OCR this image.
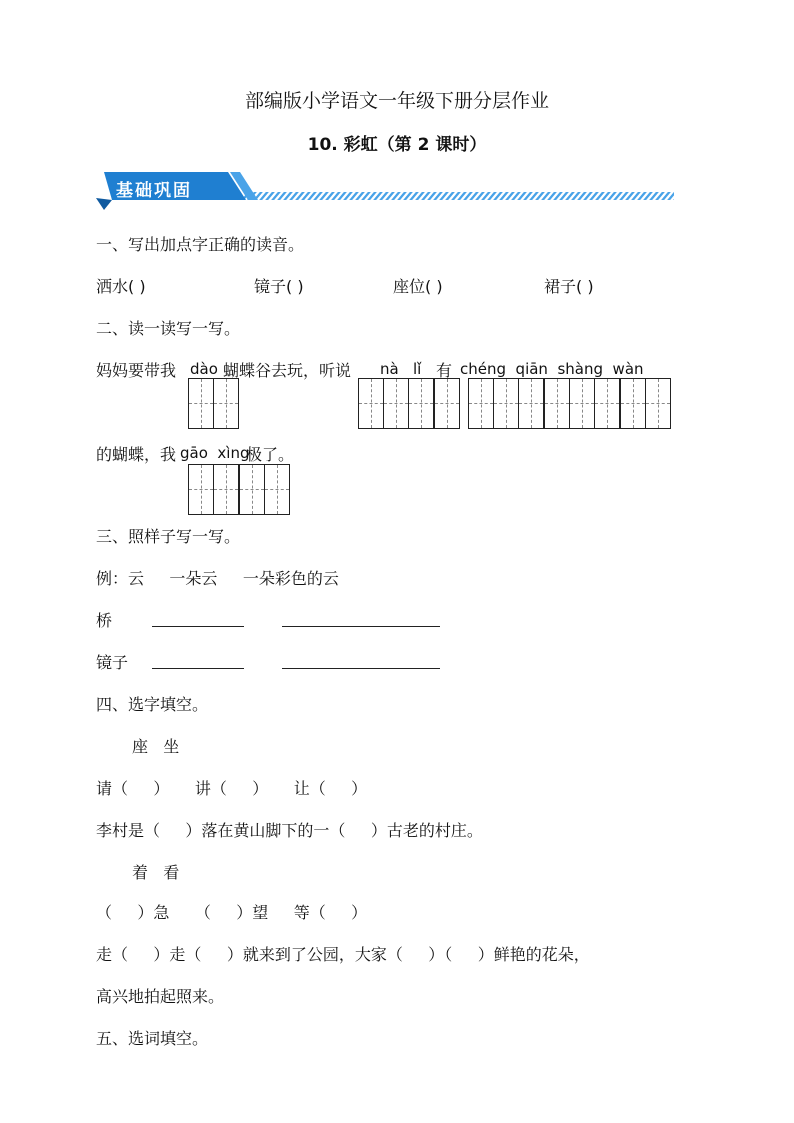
部编版小学语文一年级下册分层作业
10. 彩虹（第 2 课时）
基础巩固
一、写出加点字正确的读音。
洒水( )	镜子( )	座位( )	裙子( )
二、读一读写一写。
妈妈要带我 dào 蝴蝶谷去玩，听说 nà   lǐ 有 chéng  qiān  shàng  wàn
的蝴蝶，我 gāo  xìng
极了。
三、照样子写一写。
例：云     一朵云     一朵彩色的云
桥
镜子
四、选字填空。
座   坐
请（     ）     讲（     ）     让（     ）
李村是（     ）落在黄山脚下的一（     ）古老的村庄。
着   看
（     ）急     （     ）望     等（     ）
走（     ）走（     ）就来到了公园，大家（     ）（     ）鲜艳的花朵，
高兴地拍起照来。
五、选词填空。
